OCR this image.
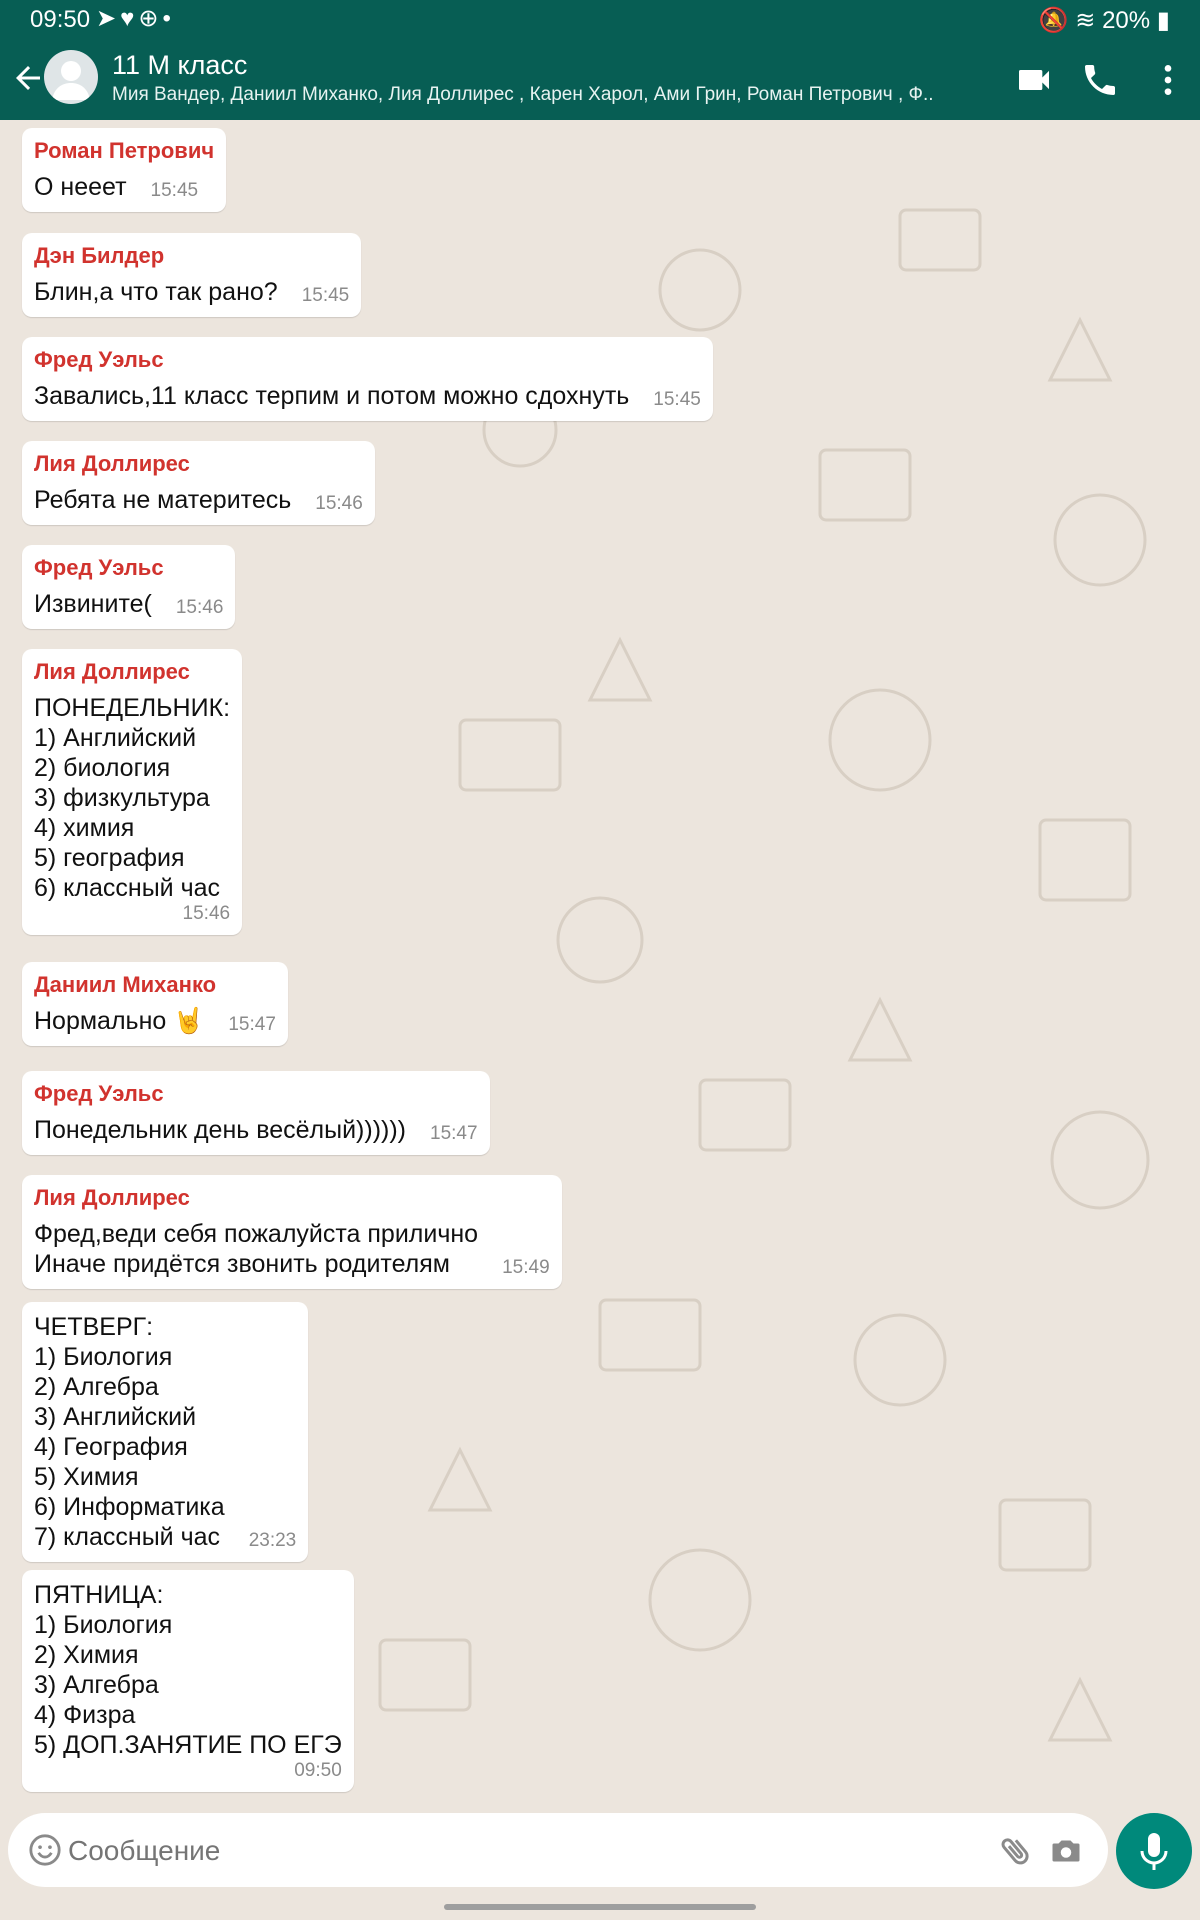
09:50 ➤♥⊕•	🔕 ≋ 20% ▮
11 М класс
Мия Вандер, Даниил Миханко, Лия Доллирес , Карен Харол, Ами Грин, Роман Петрович , Ф..
Роман Петрович
О нееет 15:45
Дэн Билдер
Блин,а что так рано? 15:45
Фред Уэльс
Завались,11 класс терпим и потом можно сдохнуть 15:45
Лия Доллирес
Ребята не материтесь 15:46
Фред Уэльс
Извините( 15:46
Лия Доллирес
ПОНЕДЕЛЬНИК:
1) Английский
2) биология
3) физкультура
4) химия
5) география
6) классный час
15:46
Даниил Миханко
Нормально 🤘 15:47
Фред Уэльс
Понедельник день весёлый)))))) 15:47
Лия Доллирес
Фред,веди себя пожалуйста прилично
Иначе придётся звонить родителям	15:49
ЧЕТВЕРГ:
1) Биология
2) Алгебра
3) Английский
4) География
5) Химия
6) Информатика
7) классный час 23:23
ПЯТНИЦА:
1) Биология
2) Химия
3) Алгебра
4) Физра
5) ДОП.ЗАНЯТИЕ ПО ЕГЭ
09:50
Сообщение
